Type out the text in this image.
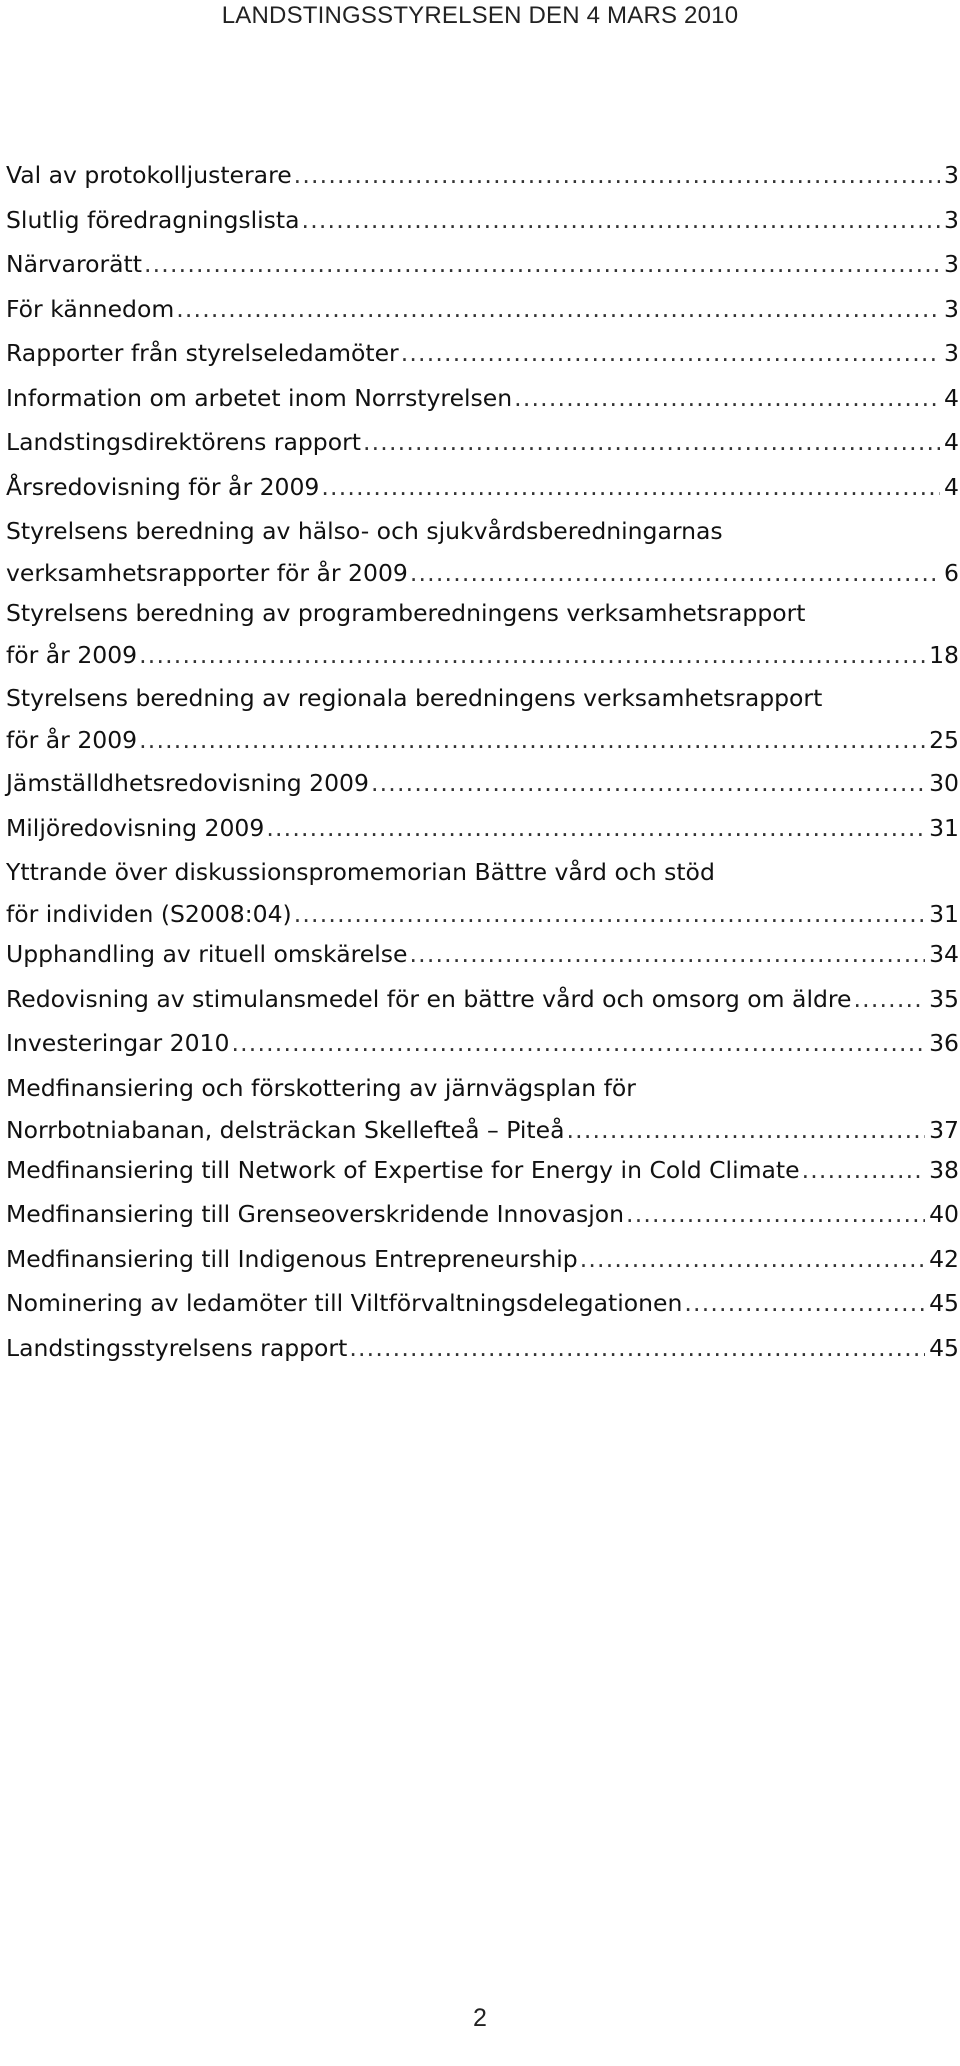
LANDSTINGSSTYRELSEN DEN 4 MARS 2010
Val av protokolljusterare .....	3
Slutlig föredragningslista .....	3
Närvarorätt .....	3
För kännedom .....	3
Rapporter från styrelseledamöter .....	3
Information om arbetet inom Norrstyrelsen .....	4
Landstingsdirektörens rapport .....	4
Årsredovisning för år 2009 .....	4
Styrelsens beredning av hälso- och sjukvårdsberedningarnas
verksamhetsrapporter för år 2009 .....	6
Styrelsens beredning av programberedningens verksamhetsrapport
för år 2009 .....	18
Styrelsens beredning av regionala beredningens verksamhetsrapport
för år 2009 .....	25
Jämställdhetsredovisning 2009 .....	30
Miljöredovisning 2009 .....	31
Yttrande över diskussionspromemorian Bättre vård och stöd
för individen (S2008:04) .....	31
Upphandling av rituell omskärelse .....	34
Redovisning av stimulansmedel för en bättre vård och omsorg om äldre .....	35
Investeringar 2010 .....	36
Medfinansiering och förskottering av järnvägsplan för
Norrbotniabanan, delsträckan Skellefteå – Piteå .....	37
Medfinansiering till Network of Expertise for Energy in Cold Climate .....	38
Medfinansiering till Grenseoverskridende Innovasjon .....	40
Medfinansiering till Indigenous Entrepreneurship .....	42
Nominering av ledamöter till Viltförvaltningsdelegationen .....	45
Landstingsstyrelsens rapport .....	45
2
